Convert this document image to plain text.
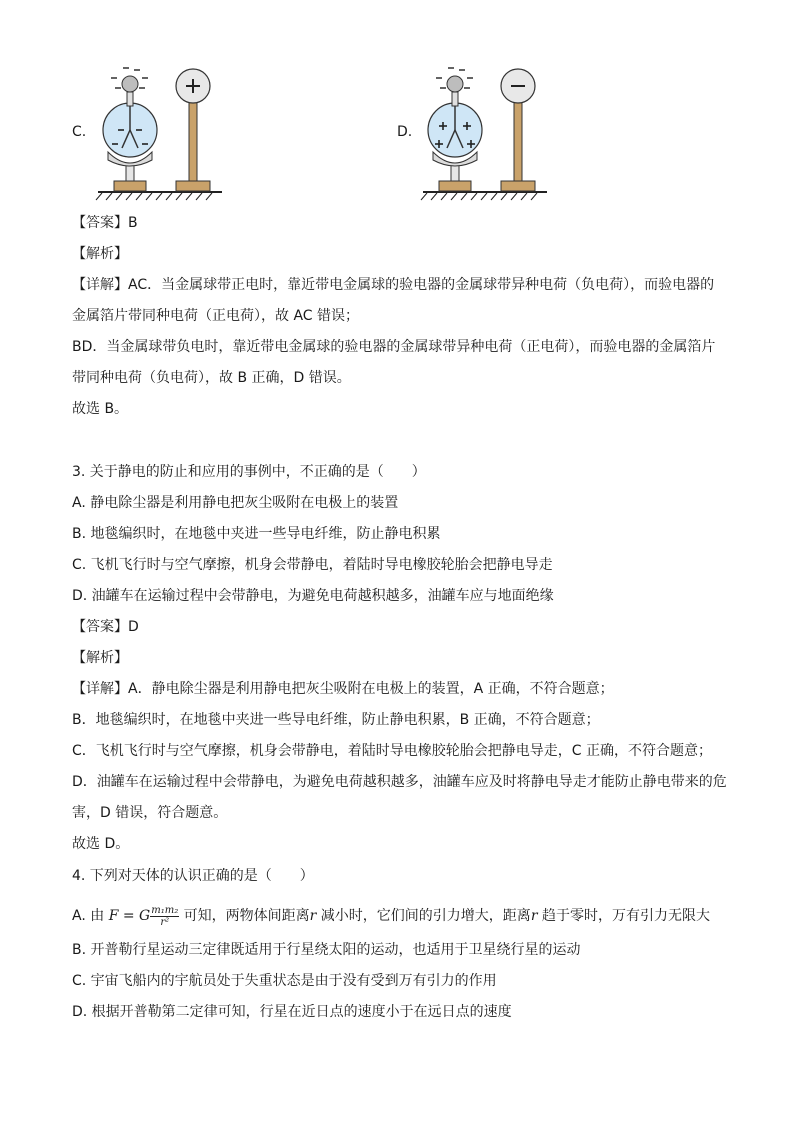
C.	D.
【答案】B
【解析】
【详解】AC．当金属球带正电时，靠近带电金属球的验电器的金属球带异种电荷（负电荷），而验电器的
金属箔片带同种电荷（正电荷），故 AC 错误；
BD．当金属球带负电时，靠近带电金属球的验电器的金属球带异种电荷（正电荷），而验电器的金属箔片
带同种电荷（负电荷），故 B 正确，D 错误。
故选 B。
3. 关于静电的防止和应用的事例中，不正确的是（　　）
A. 静电除尘器是利用静电把灰尘吸附在电极上的装置
B. 地毯编织时，在地毯中夹进一些导电纤维，防止静电积累
C. 飞机飞行时与空气摩擦，机身会带静电，着陆时导电橡胶轮胎会把静电导走
D. 油罐车在运输过程中会带静电，为避免电荷越积越多，油罐车应与地面绝缘
【答案】D
【解析】
【详解】A．静电除尘器是利用静电把灰尘吸附在电极上的装置，A 正确，不符合题意；
B．地毯编织时，在地毯中夹进一些导电纤维，防止静电积累，B 正确，不符合题意；
C．飞机飞行时与空气摩擦，机身会带静电，着陆时导电橡胶轮胎会把静电导走，C 正确，不符合题意；
D．油罐车在运输过程中会带静电，为避免电荷越积越多，油罐车应及时将静电导走才能防止静电带来的危
害，D 错误，符合题意。
故选 D。
4. 下列对天体的认识正确的是（　　）
A. 由 F = G $\frac{\text{m₁m₂}}{\text{r²}}$ 可知，两物体间距离r 减小时，它们间的引力增大，距离r 趋于零时，万有引力无限大
B. 开普勒行星运动三定律既适用于行星绕太阳的运动，也适用于卫星绕行星的运动
C. 宇宙飞船内的宇航员处于失重状态是由于没有受到万有引力的作用
D. 根据开普勒第二定律可知，行星在近日点的速度小于在远日点的速度
